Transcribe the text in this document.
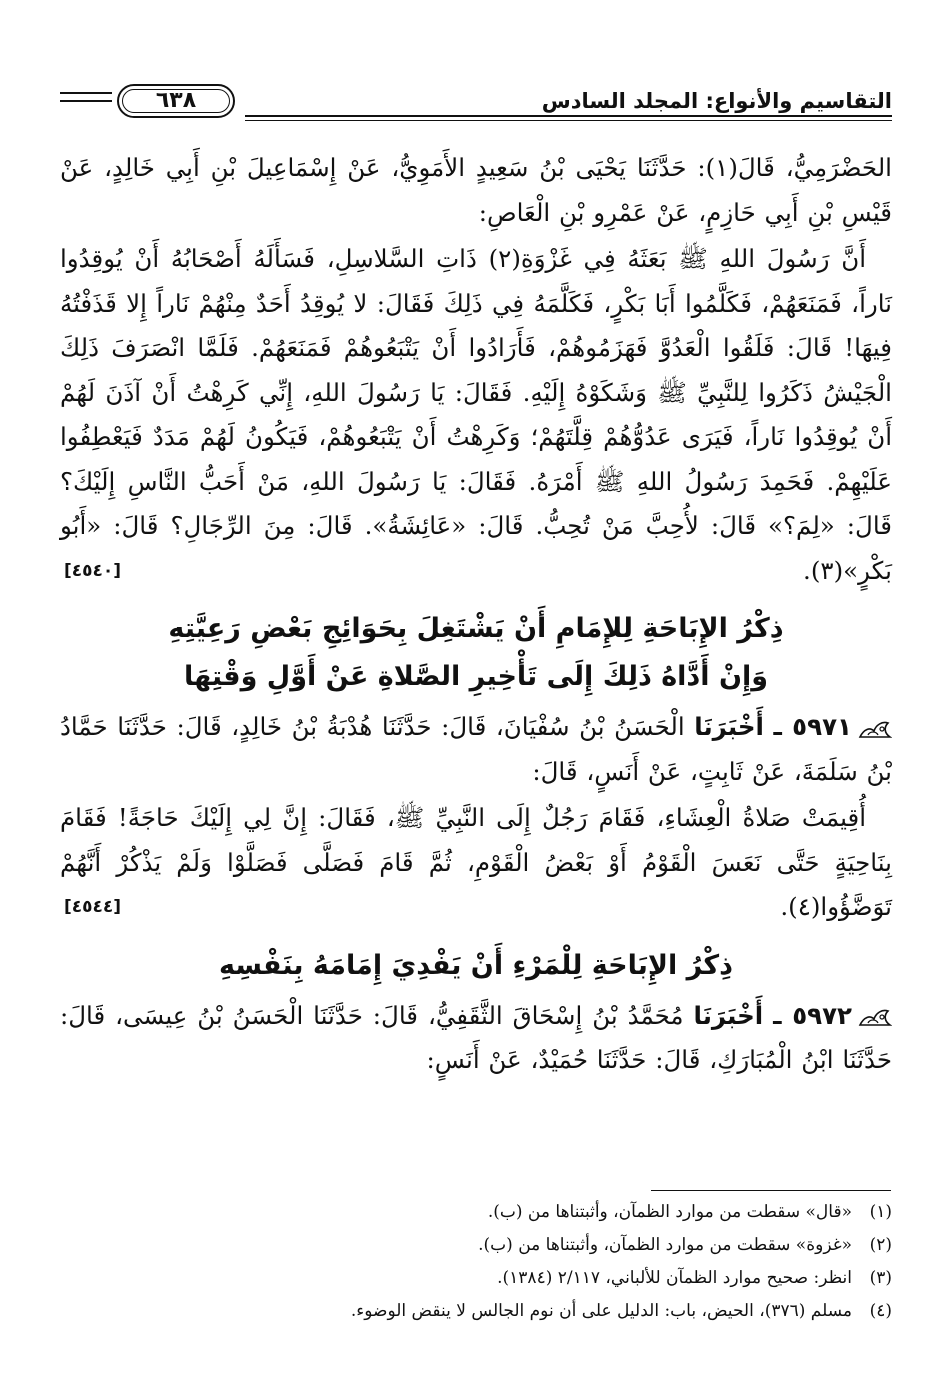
٦٣٨	التقاسيم والأنواع: المجلد السادس

الحَضْرَمِيُّ، قَالَ(١): حَدَّثَنَا يَحْيَى بْنُ سَعِيدٍ الأَمَوِيُّ، عَنْ إِسْمَاعِيلَ بْنِ أَبِي خَالِدٍ، عَنْ قَيْسِ بْنِ أَبِي حَازِمٍ، عَنْ عَمْرِو بْنِ الْعَاصِ:

أَنَّ رَسُولَ اللهِ ﷺ بَعَثَهُ فِي غَزْوَةِ(٢) ذَاتِ السَّلاسِلِ، فَسَأَلَهُ أَصْحَابُهُ أَنْ يُوقِدُوا نَاراً، فَمَنَعَهُمْ، فَكَلَّمُوا أَبَا بَكْرٍ، فَكَلَّمَهُ فِي ذَلِكَ فَقَالَ: لا يُوقِدُ أَحَدٌ مِنْهُمْ نَاراً إِلا قَذَفْتُهُ فِيهَا! قَالَ: فَلَقُوا الْعَدُوَّ فَهَزَمُوهُمْ، فَأَرَادُوا أَنْ يَتْبَعُوهُمْ فَمَنَعَهُمْ. فَلَمَّا انْصَرَفَ ذَلِكَ الْجَيْشُ ذَكَرُوا لِلنَّبِيِّ ﷺ وَشَكَوْهُ إِلَيْهِ. فَقَالَ: يَا رَسُولَ اللهِ، إِنِّي كَرِهْتُ أَنْ آذَنَ لَهُمْ أَنْ يُوقِدُوا نَاراً، فَيَرَى عَدُوُّهُمْ قِلَّتَهُمْ؛ وَكَرِهْتُ أَنْ يَتْبَعُوهُمْ، فَيَكُونُ لَهُمْ مَدَدٌ فَيَعْطِفُوا عَلَيْهِمْ. فَحَمِدَ رَسُولُ اللهِ ﷺ أَمْرَهُ. فَقَالَ: يَا رَسُولَ اللهِ، مَنْ أَحَبُّ النَّاسِ إِلَيْكَ؟ قَالَ: «لِمَ؟» قَالَ: لأُحِبَّ مَنْ تُحِبُّ. قَالَ: «عَائِشَةُ». قَالَ: مِنَ الرِّجَالِ؟ قَالَ: «أَبُو بَكْرٍ»(٣).
[٤٥٤٠]

ذِكْرُ الإِبَاحَةِ لِلإِمَامِ أَنْ يَشْتَغِلَ بِحَوَائِجِ بَعْضِ رَعِيَّتِهِ
وَإِنْ أَدَّاهُ ذَلِكَ إِلَى تَأْخِيرِ الصَّلاةِ عَنْ أَوَّلِ وَقْتِهَا

٥٩٧١ ـ أَخْبَرَنَا الْحَسَنُ بْنُ سُفْيَانَ، قَالَ: حَدَّثَنَا هُدْبَةُ بْنُ خَالِدٍ، قَالَ: حَدَّثَنَا حَمَّادُ بْنُ سَلَمَةَ، عَنْ ثَابِتٍ، عَنْ أَنَسٍ، قَالَ:

أُقِيمَتْ صَلاةُ الْعِشَاءِ، فَقَامَ رَجُلٌ إِلَى النَّبِيِّ ﷺ، فَقَالَ: إِنَّ لِي إِلَيْكَ حَاجَةً! فَقَامَ بِنَاحِيَةٍ حَتَّى نَعَسَ الْقَوْمُ أَوْ بَعْضُ الْقَوْمِ، ثُمَّ قَامَ فَصَلَّى فَصَلَّوْا وَلَمْ يَذْكُرْ أَنَّهُمْ تَوَضَّؤُوا(٤).
[٤٥٤٤]

ذِكْرُ الإِبَاحَةِ لِلْمَرْءِ أَنْ يَفْدِيَ إِمَامَهُ بِنَفْسِهِ

٥٩٧٢ ـ أَخْبَرَنَا مُحَمَّدُ بْنُ إِسْحَاقَ الثَّقَفِيُّ، قَالَ: حَدَّثَنَا الْحَسَنُ بْنُ عِيسَى، قَالَ: حَدَّثَنَا ابْنُ الْمُبَارَكِ، قَالَ: حَدَّثَنَا حُمَيْدٌ، عَنْ أَنَسٍ:

(١)«قال» سقطت من موارد الظمآن، وأثبتناها من (ب).

(٢)«غزوة» سقطت من موارد الظمآن، وأثبتناها من (ب).

(٣)انظر: صحيح موارد الظمآن للألباني، ٢/١١٧ (١٣٨٤).

(٤)مسلم (٣٧٦)، الحيض، باب: الدليل على أن نوم الجالس لا ينقض الوضوء.
